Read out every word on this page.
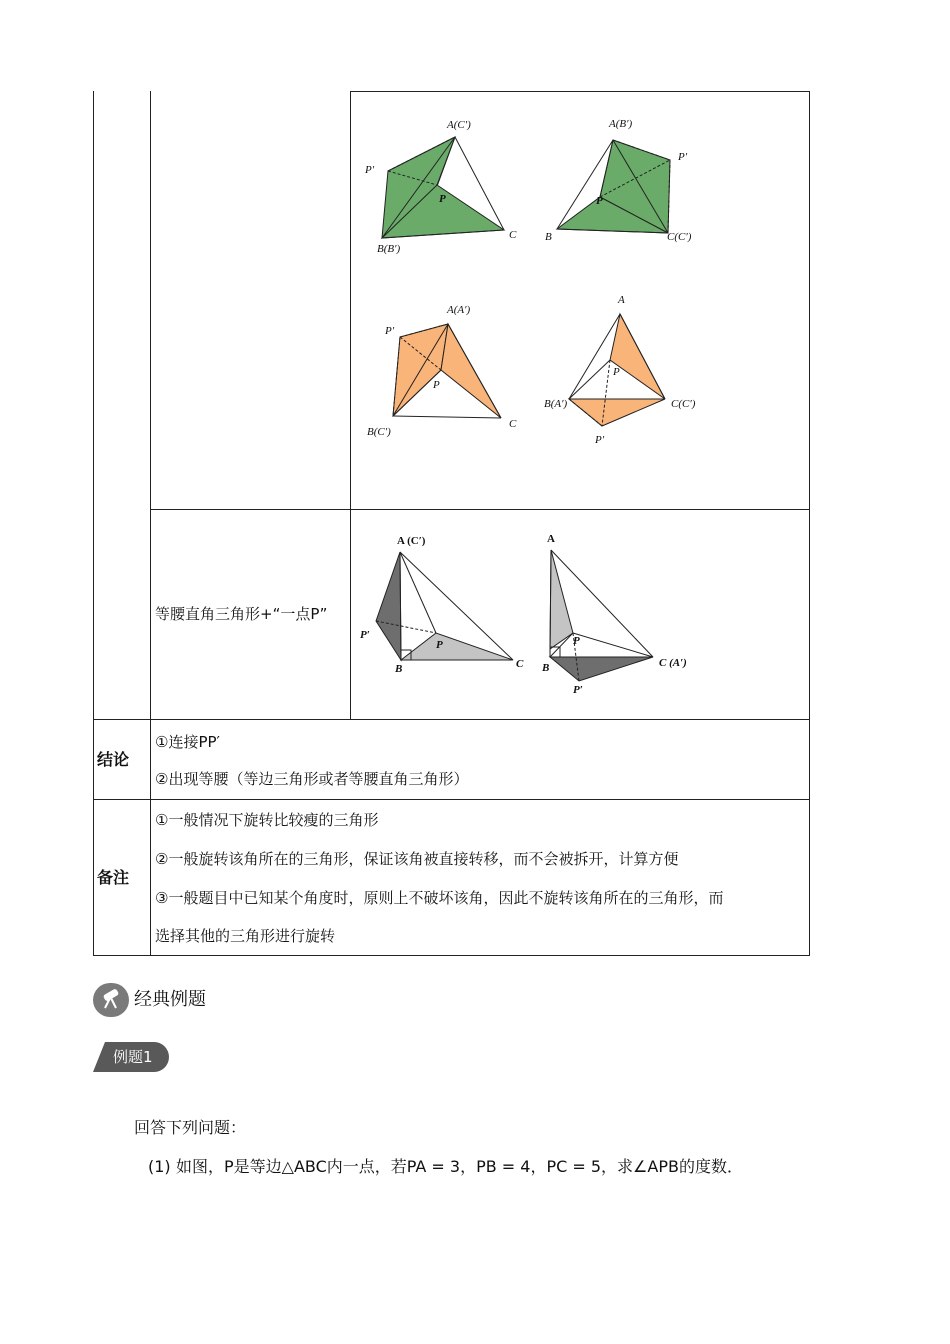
A(C′)
P′
B(B′)
C
P
A(B′)
P′
B	C(C′)
P
A(A′)
P′
B(C′)
C
P
A
P
B(A′)	C(C′)
P′
A (C′)
P′
P
B	C
A
P
B	C (A′)
P′
等腰直角三角形+“一点P”
结论
①连接PP′
②出现等腰（等边三角形或者等腰直角三角形）
备注
①一般情况下旋转比较瘦的三角形
②一般旋转该角所在的三角形，保证该角被直接转移，而不会被拆开，计算方便
③一般题目中已知某个角度时，原则上不破坏该角，因此不旋转该角所在的三角形，而
选择其他的三角形进行旋转
经典例题
例题1
回答下列问题：
(1) 如图，P是等边△ABC内一点，若PA = 3，PB = 4，PC = 5，求∠APB的度数．
